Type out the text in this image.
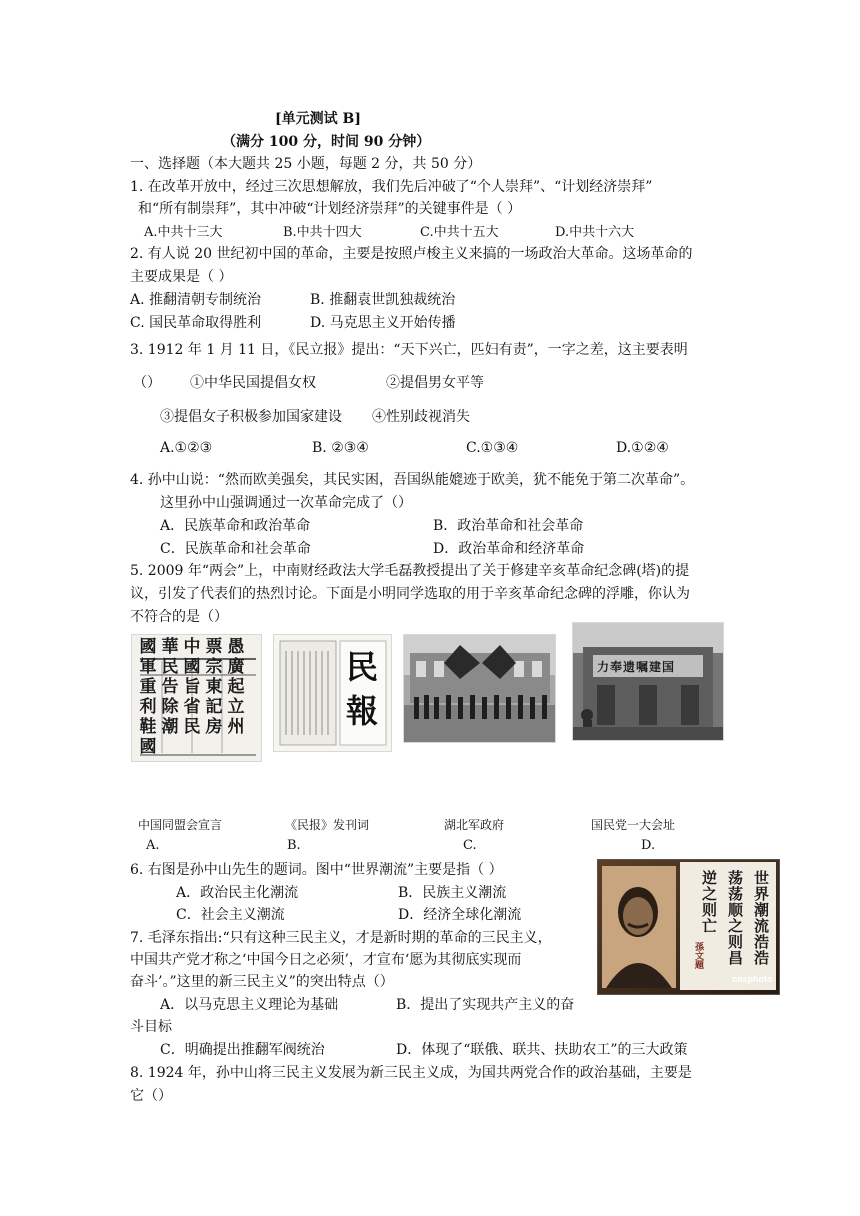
[单元测试 B]
（满分 100 分，时间 90 分钟）
一、选择题（本大题共 25 小题，每题 2 分，共 50 分）
1. 在改革开放中，经过三次思想解放，我们先后冲破了“个人崇拜”、“计划经济崇拜”
和“所有制崇拜”，其中冲破“计划经济崇拜”的关键事件是（ ）
A.中共十三大	B.中共十四大	C.中共十五大	D.中共十六大
2. 有人说 20 世纪初中国的革命，主要是按照卢梭主义来搞的一场政治大革命。这场革命的
主要成果是（ ）
A. 推翻清朝专制统治	B. 推翻袁世凯独裁统治
C. 国民革命取得胜利	D. 马克思主义开始传播
3. 1912 年 1 月 11 日，《民立报》提出：“天下兴亡，匹妇有责”，一字之差，这主要表明
（） ①中华民国提倡女权	②提倡男女平等
③提倡女子积极参加国家建设 ④性别歧视消失
A.①②③	B. ②③④	C.①③④	D.①②④
4. 孙中山说：“然而欧美强矣，其民实困，吾国纵能媲迹于欧美，犹不能免于第二次革命”。
这里孙中山强调通过一次革命完成了（）
A．民族革命和政治革命	B．政治革命和社会革命
C．民族革命和社会革命	D．政治革命和经济革命
5. 2009 年“两会”上，中南财经政法大学毛磊教授提出了关于修建辛亥革命纪念碑(塔)的提
议，引发了代表们的热烈讨论。下面是小明同学选取的用于辛亥革命纪念碑的浮雕，你认为
不符合的是（）
國 華 中 票 愚軍 民 國 宗 廣重 告 旨 東 起利 除 省 記 立鞋 潮 民 房 州國
民報
力奉遗嘱建国
中国同盟会宣言	《民报》发刊词	湖北军政府	国民党一大会址
A.	B.	C.	D.
6. 右图是孙中山先生的题词。图中“世界潮流”主要是指（ ）
A．政治民主化潮流	B．民族主义潮流
C．社会主义潮流	D．经济全球化潮流	世界潮流浩浩
荡荡顺之则昌
逆之则亡
孫文題
cnsphoto
7. 毛泽东指出:“只有这种三民主义，才是新时期的革命的三民主义，
中国共产党才称之‘中国今日之必须’，才宣布‘愿为其彻底实现而
奋斗’。”这里的新三民主义”的突出特点（）
A．以马克思主义理论为基础	B．提出了实现共产主义的奋
斗目标
C．明确提出推翻军阀统治	D．体现了“联俄、联共、扶助农工”的三大政策
8. 1924 年，孙中山将三民主义发展为新三民主义成，为国共两党合作的政治基础，主要是
它（）
